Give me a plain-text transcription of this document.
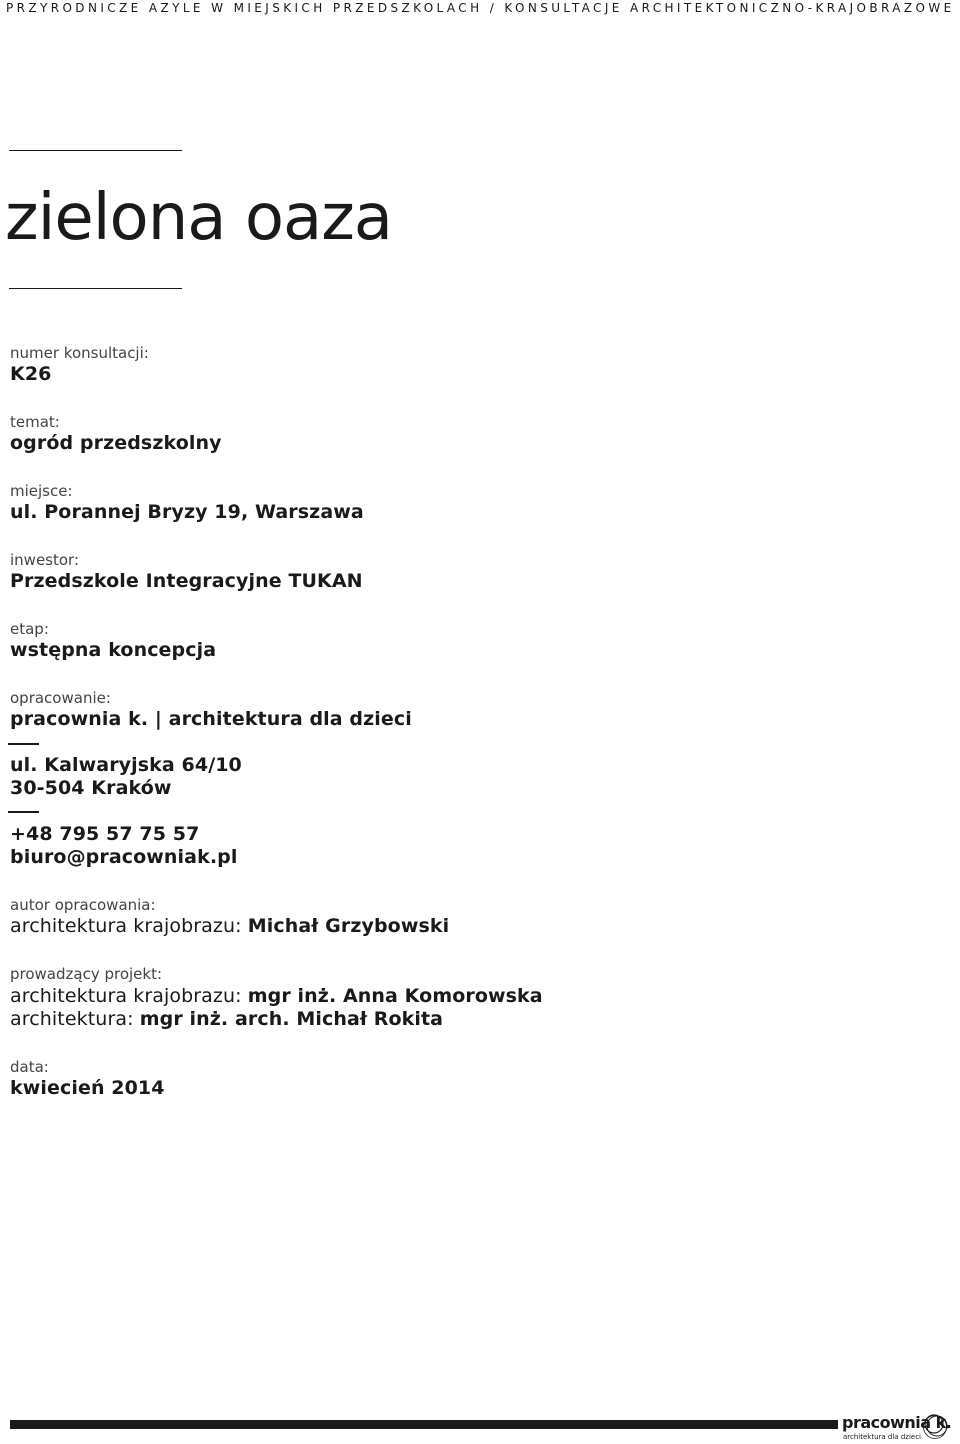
PRZYRODNICZE AZYLE W MIEJSKICH PRZEDSZKOLACH / KONSULTACJE ARCHITEKTONICZNO-KRAJOBRAZOWE
zielona oaza
numer konsultacji:
K26
temat:
ogród przedszkolny
miejsce:
ul. Porannej Bryzy 19, Warszawa
inwestor:
Przedszkole Integracyjne TUKAN
etap:
wstępna koncepcja
opracowanie:
pracownia k. | architektura dla dzieci
ul. Kalwaryjska 64/10
30-504 Kraków
+48 795 57 75 57
biuro@pracowniak.pl
autor opracowania:
architektura krajobrazu: Michał Grzybowski
prowadzący projekt:
architektura krajobrazu: mgr inż. Anna Komorowska
architektura: mgr inż. arch. Michał Rokita
data:
kwiecień 2014
pracownia k.
architektura dla dzieci
